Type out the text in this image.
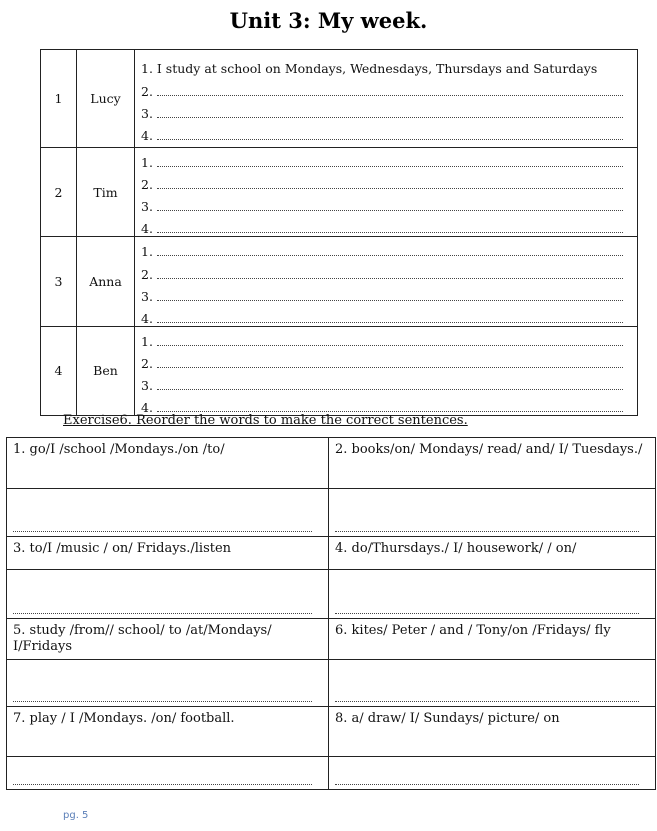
Unit 3: My week.
1	Lucy	1. I study at school on Mondays, Wednesdays, Thursdays and Saturdays
2.
3.
4.

2	Tim	1.
2.
3.
4.

3	Anna	1.
2.
3.
4.

4	Ben	1.
2.
3.
4.
Exercise6. Reorder the words to make the correct sentences.
1. go/I /school /Mondays./on /to/	2. books/on/ Mondays/ read/ and/ I/ Tuesdays./

3. to/I /music / on/ Fridays./listen	4. do/Thursdays./ I/ housework/ / on/

5. study /from// school/ to /at/Mondays/ I/Fridays	6. kites/ Peter / and / Tony/on /Fridays/ fly

7. play / I /Mondays. /on/ football.	8. a/ draw/ I/ Sundays/ picture/ on

pg. 5
